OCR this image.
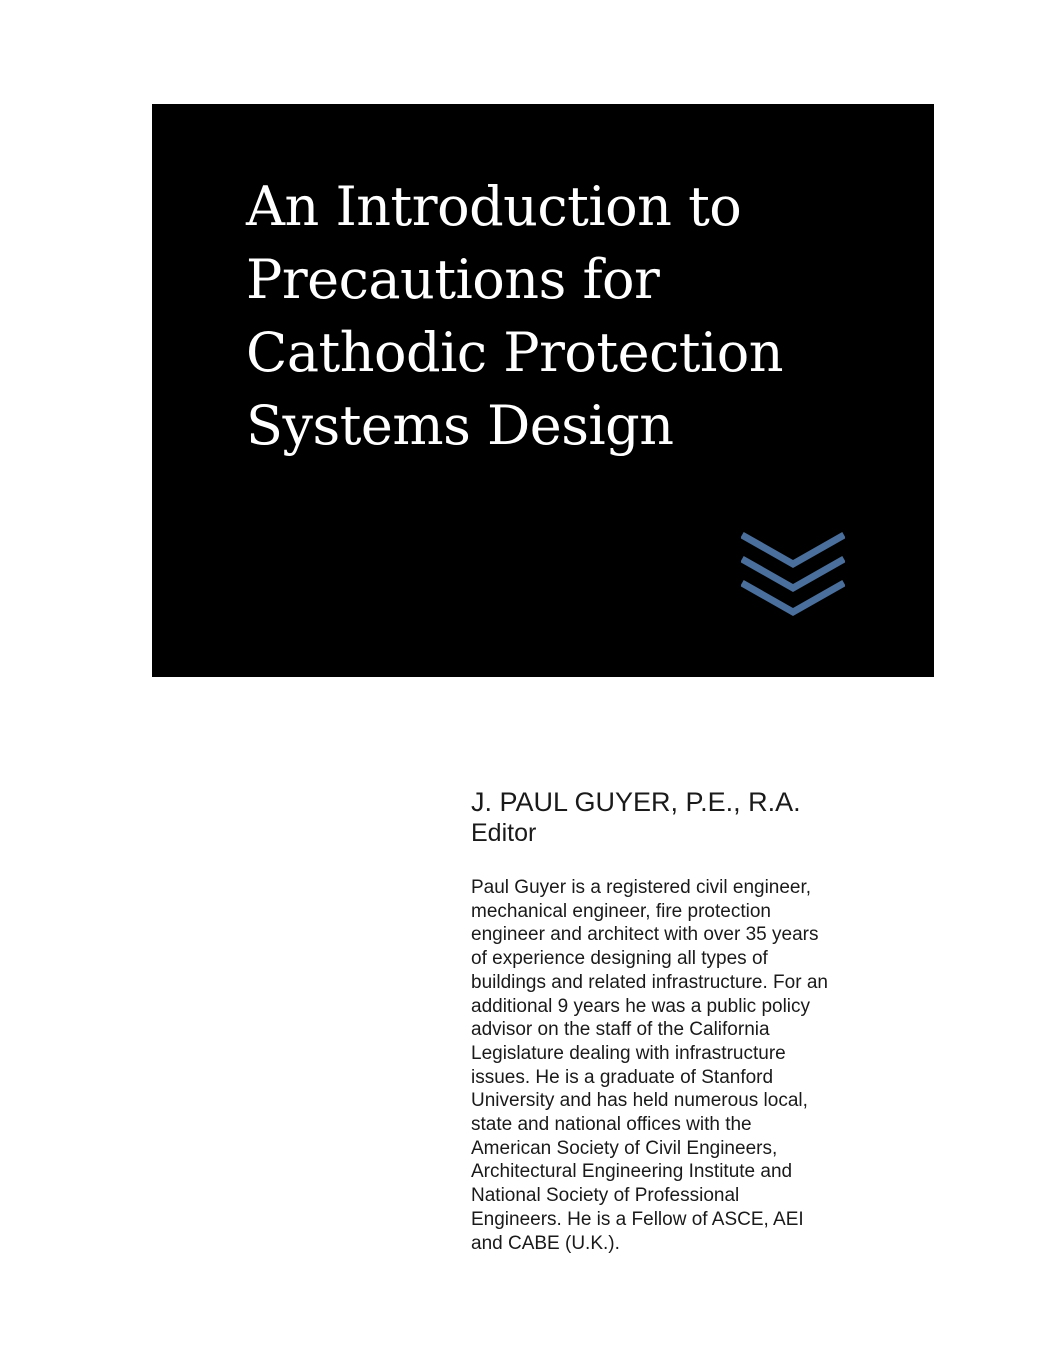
An Introduction to
Precautions for
Cathodic Protection
Systems Design
J. PAUL GUYER, P.E., R.A.

Editor

Paul Guyer is a registered civil engineer,
mechanical engineer, fire protection
engineer and architect with over 35 years
of experience designing all types of
buildings and related infrastructure. For an
additional 9 years he was a public policy
advisor on the staff of the California
Legislature dealing with infrastructure
issues. He is a graduate of Stanford
University and has held numerous local,
state and national offices with the
American Society of Civil Engineers,
Architectural Engineering Institute and
National Society of Professional
Engineers. He is a Fellow of ASCE, AEI
and CABE (U.K.).
